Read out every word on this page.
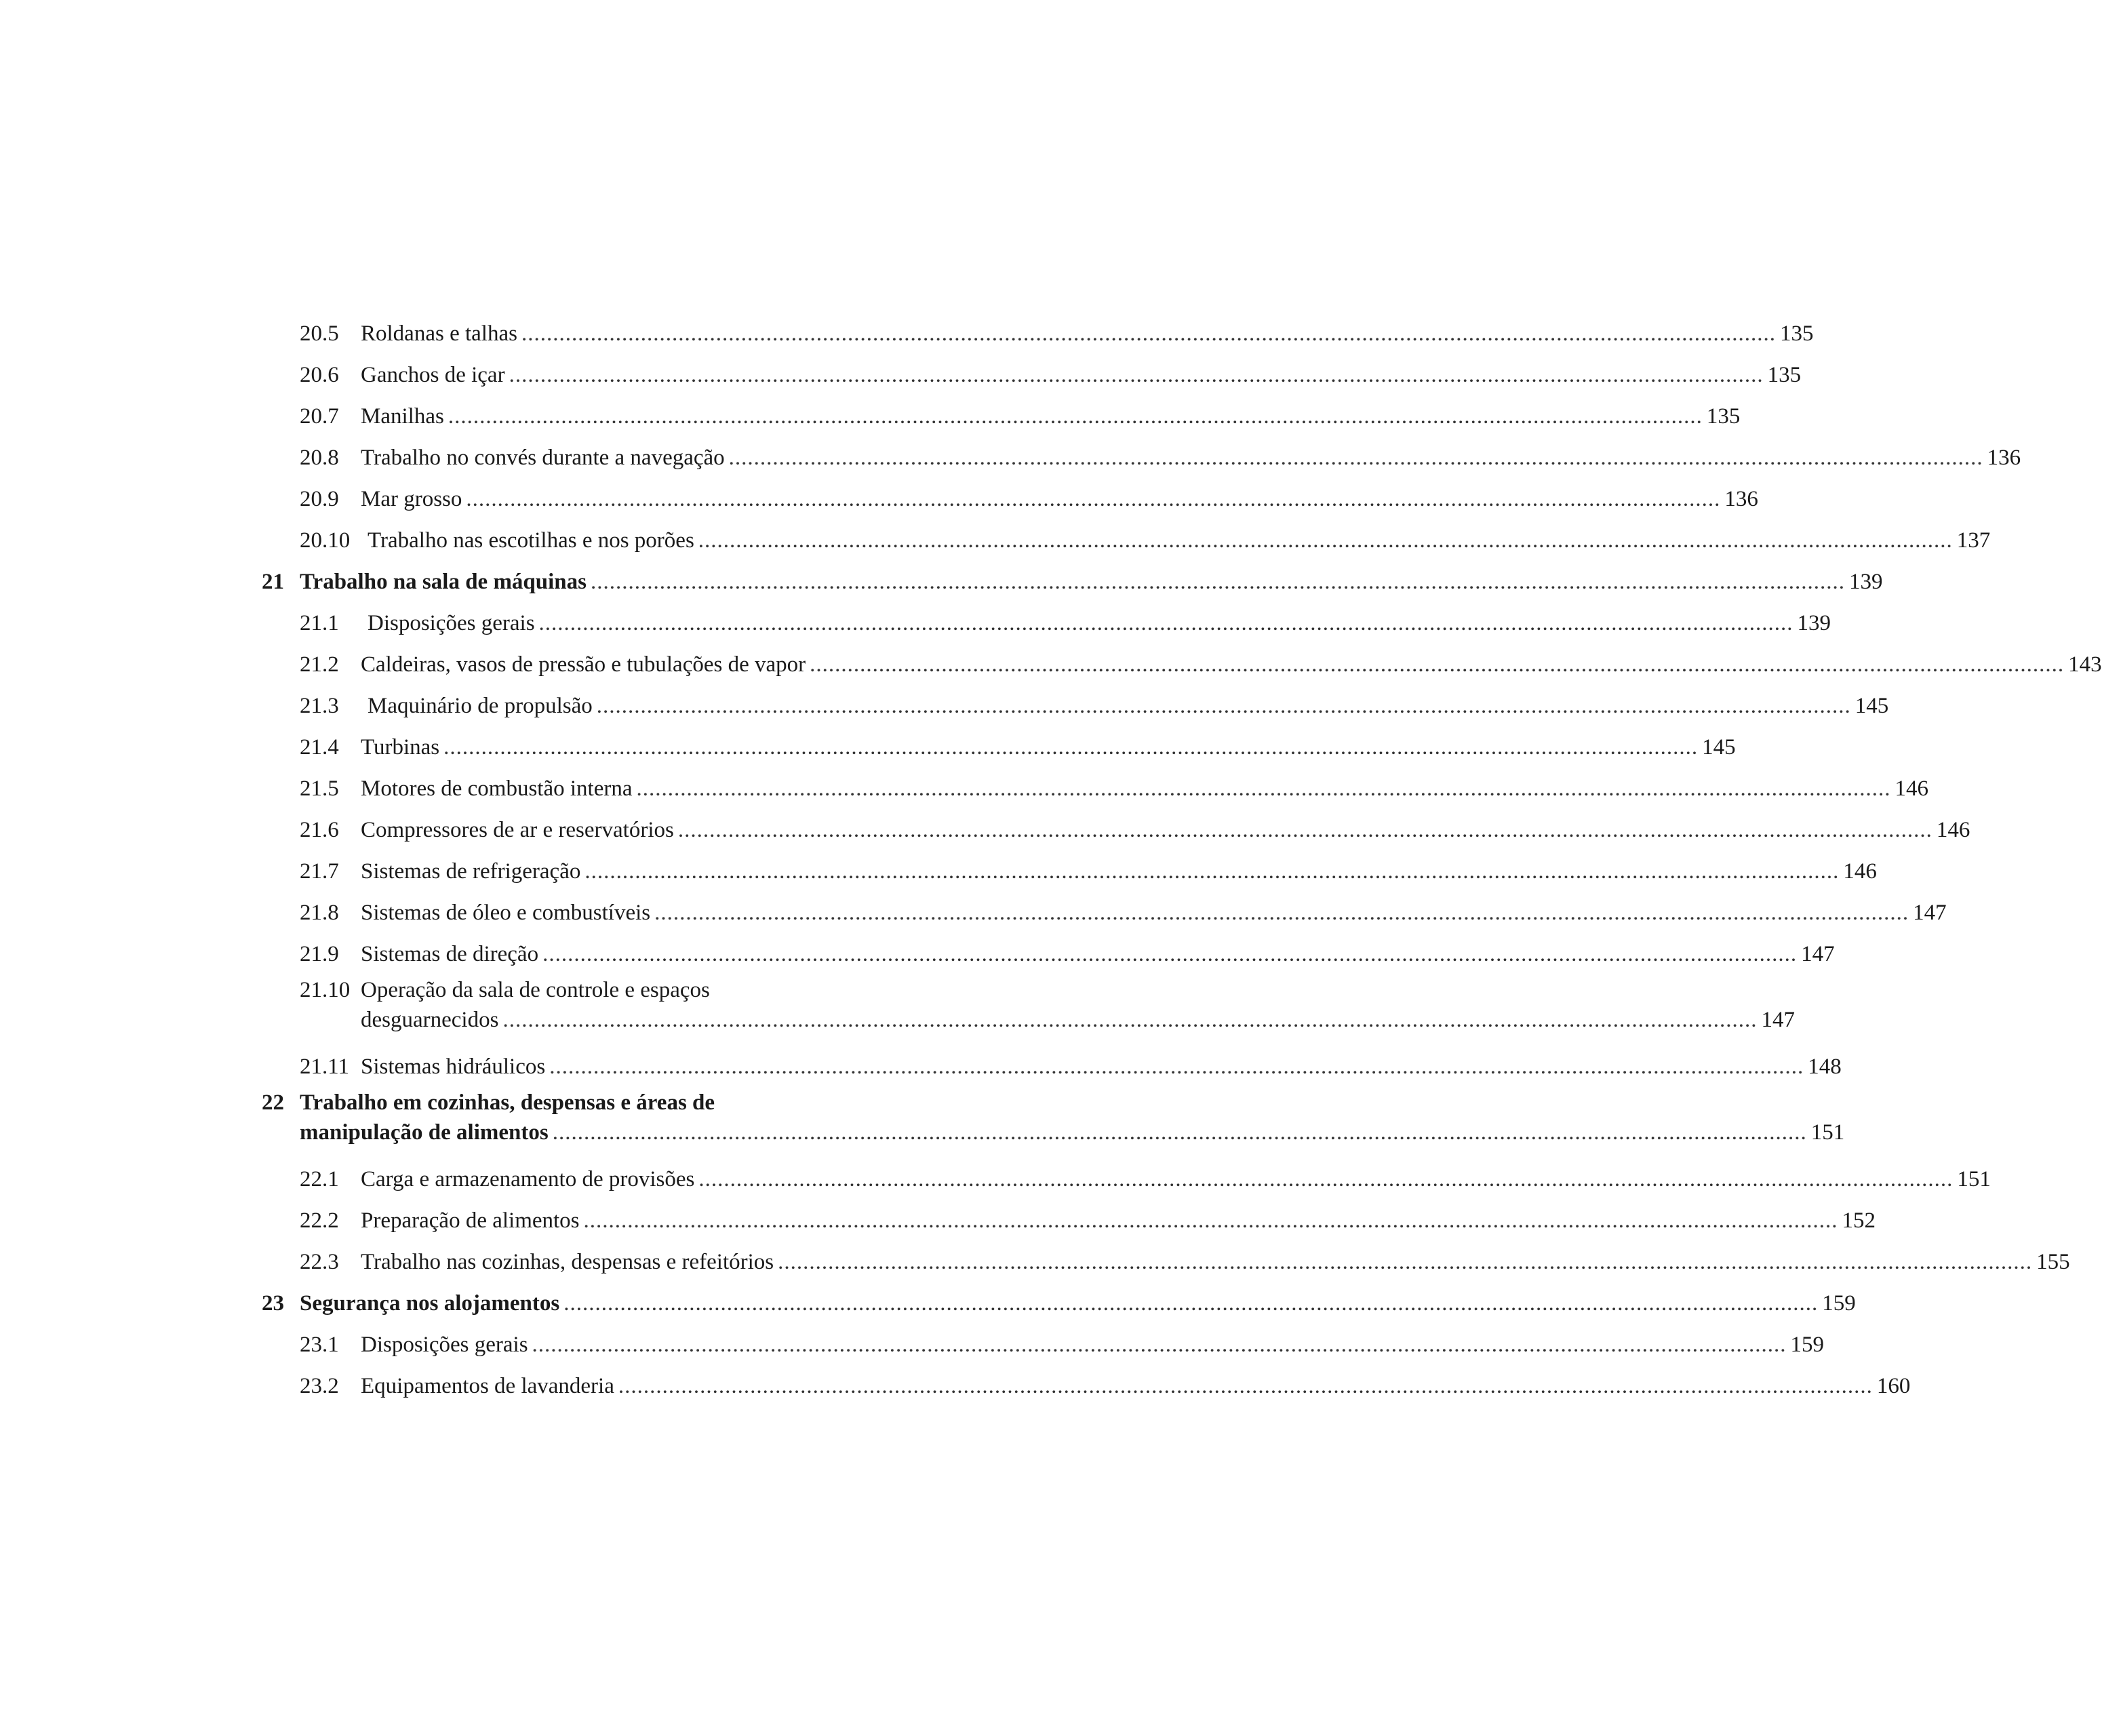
20.5 Roldanas e talhas ........................................................................................................................................................................................................ 135
20.6 Ganchos de içar ........................................................................................................................................................................................................ 135
20.7 Manilhas ........................................................................................................................................................................................................ 135
20.8 Trabalho no convés durante a navegação ........................................................................................................................................................................................................ 136
20.9 Mar grosso ........................................................................................................................................................................................................ 136
20.10 Trabalho nas escotilhas e nos porões ........................................................................................................................................................................................................ 137
21 Trabalho na sala de máquinas ........................................................................................................................................................................................................ 139
21.1	Disposições gerais ........................................................................................................................................................................................................ 139
21.2 Caldeiras, vasos de pressão e tubulações de vapor ........................................................................................................................................................................................................ 143
21.3	Maquinário de propulsão ........................................................................................................................................................................................................ 145
21.4 Turbinas ........................................................................................................................................................................................................ 145
21.5 Motores de combustão interna ........................................................................................................................................................................................................ 146
21.6 Compressores de ar e reservatórios ........................................................................................................................................................................................................ 146
21.7 Sistemas de refrigeração ........................................................................................................................................................................................................ 146
21.8 Sistemas de óleo e combustíveis ........................................................................................................................................................................................................ 147
21.9 Sistemas de direção ........................................................................................................................................................................................................ 147
21.10 Operação da sala de controle e espaços
desguarnecidos ........................................................................................................................................................................................................ 147
21.11 Sistemas hidráulicos ........................................................................................................................................................................................................ 148
22 Trabalho em cozinhas, despensas e áreas de
manipulação de alimentos ........................................................................................................................................................................................................ 151
22.1 Carga e armazenamento de provisões ........................................................................................................................................................................................................ 151
22.2 Preparação de alimentos ........................................................................................................................................................................................................ 152
22.3 Trabalho nas cozinhas, despensas e refeitórios ........................................................................................................................................................................................................ 155
23 Segurança nos alojamentos ........................................................................................................................................................................................................ 159
23.1 Disposições gerais ........................................................................................................................................................................................................ 159
23.2 Equipamentos de lavanderia ........................................................................................................................................................................................................ 160
